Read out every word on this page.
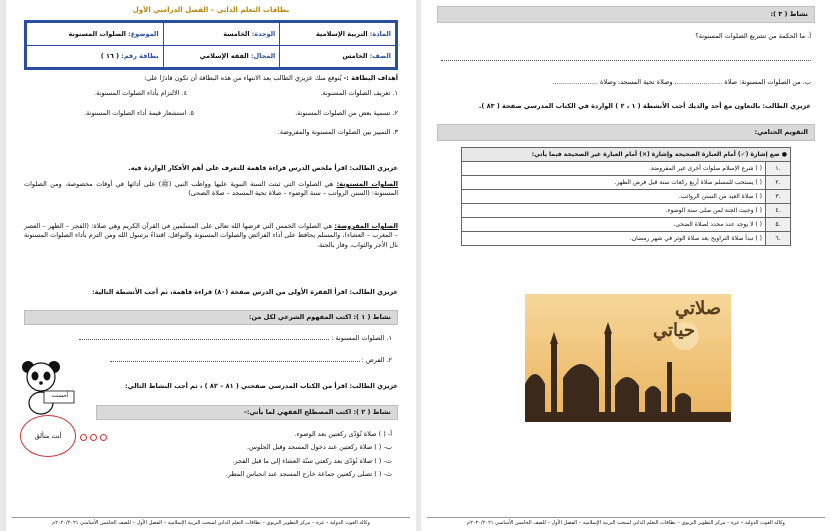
بطاقات التعلم الذاتي – الفصل الدراسي الأول
المادة: التربية الإسلامية	الوحدة: الخامسة	الموضوع: الصلوات المسنونة
الصف: الخامس	المجال: الفقه الإسلامي	بطاقة رقم: ( ١٦ )
أهداف البطاقة :- يُتوقع منك عزيزي الطالب بعد الانتهاء من هذه البطاقة أن تكون قادرًا على:
١. تعريف الصلوات المسنونة.
٤. الالتزام بأداء الصلوات المسنونة.
٢. تسمية بعض من الصلوات المسنونة.
٥. استشعار قيمة أداء الصلوات المسنونة.
٣. التمييز بين الصلوات المسنونة والمفروضة.
عزيزي الطالب: اقرأ ملخص الدرس قراءة فاهمة للتعرف على أهم الأفكار الواردة فيه.
الصلوات المسنونة: هي الصلوات التي ثبتت السنة النبوية عليها وواظب النبي (ﷺ) على أدائها في أوقات مخصوصة، ومن الصلوات المسنونة: (السنن الرواتب – سنة الوضوء – صلاة تحية المسجد – صلاة الضحى)
الصلوات المفروضة: هي الصلوات الخمس التي فرضها الله تعالى على المسلمين في القرآن الكريم وهي صلاة: (الفجر – الظهر – العصر – المغرب – العشاء)، والمسلم يحافظ على أداء الفرائض والصلوات المسنونة والنوافل، اقتداءً برسول الله ومن التزم بأداء الصلوات المسنونة نال الأجر والثواب، وفاز بالجنة.
عزيزي الطالب: اقرأ الفقرة الأولى من الدرس صفحة (٨٠) قراءة فاهمة، ثم أجب الأنشطة التالية:
نشاط ( ١ ): اكتب المفهوم الشرعي لكل من:
١. الصلوات المسنونة :
٢. الفرض :
عزيزي الطالب: اقرأ من الكتاب المدرسي صفحتي ( ٨١ – ٨٢ ) ، ثم أجب النشاط التالي:
نشاط ( ٢ ): اكتب المصطلح الفقهي لما يأتي:-
أ- ( ) صلاة تُؤدّى ركعتين بعد الوضوء.
ب- ( ) صلاة ركعتين عند دخول المسجد وقبل الجلوس.
ت- ( ) صلاة تُؤدّى بعد ركعتي سنّة العشاء إلى ما قبل الفجر.
ث- ( ) تصلى ركعتين جماعة خارج المسجد عند انحباس المطر.
أحسنت
أنت متألق
وكالة الغوث الدولية – غزة – مركز التطوير التربوي – بطاقات التعلم الذاتي لمبحث التربية الإسلامية – الفصل الأول – للصف الخامس الأساسي ٢٠٢٠/٢٠٢١م
نشاط ( ٣ ):
أ. ما الحكمة من تشريع الصلوات المسنونة؟
ب. من الصلوات المسنونة: صلاة ......................، وصلاة تحية المسجد، وصلاة ......................
عزيزي الطالب: بالتعاون مع أحد والديك أجب الأنشطة ( ١ ، ٢ ) الواردة في الكتاب المدرسي صفحة ( ٨٣ ).
التقويم الختامي:
● ضع إشارة (✓) أمام العبارة الصحيحة وإشارة (×) أمام العبارة غير الصحيحة فيما يأتي:	
.١	( ) شرع الإسلام صلوات أخرى غير المفروضة.
.٢	( ) يستحب للمسلم صلاة أربع ركعات سنة قبل فرض الظهر.
.٣	( ) صلاة العيد من السنن الرواتب.
.٤	( ) وجبت الجنة لمن صلى سنة الوضوء.
.٥	( ) لا يوجد عدد محدد لصلاة الضحى.
.٦	( ) تبدأ صلاة التراويح بعد صلاة الوتر في شهر رمضان.
صلاتي
حياتي
وكالة الغوث الدولية – غزة – مركز التطوير التربوي – بطاقات التعلم الذاتي لمبحث التربية الإسلامية – الفصل الأول – للصف الخامس الأساسي ٢٠٢٠/٢٠٢١م
